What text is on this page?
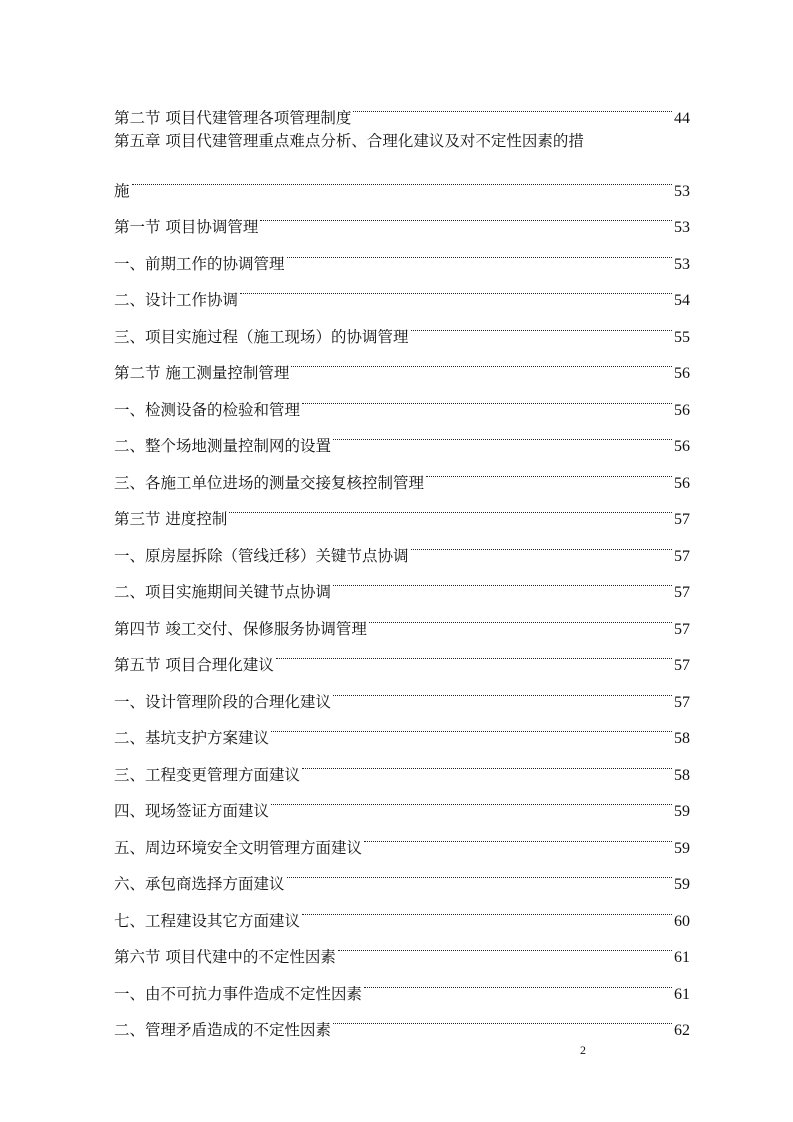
第二节 项目代建管理各项管理制度	44
第五章 项目代建管理重点难点分析、合理化建议及对不定性因素的措
施	53
第一节 项目协调管理	53
一、前期工作的协调管理	53
二、设计工作协调	54
三、项目实施过程（施工现场）的协调管理	55
第二节 施工测量控制管理	56
一、检测设备的检验和管理	56
二、整个场地测量控制网的设置	56
三、各施工单位进场的测量交接复核控制管理	56
第三节 进度控制	57
一、原房屋拆除（管线迁移）关键节点协调	57
二、项目实施期间关键节点协调	57
第四节 竣工交付、保修服务协调管理	57
第五节 项目合理化建议	57
一、设计管理阶段的合理化建议	57
二、基坑支护方案建议	58
三、工程变更管理方面建议	58
四、现场签证方面建议	59
五、周边环境安全文明管理方面建议	59
六、承包商选择方面建议	59
七、工程建设其它方面建议	60
第六节 项目代建中的不定性因素	61
一、由不可抗力事件造成不定性因素	61
二、管理矛盾造成的不定性因素	62
2
